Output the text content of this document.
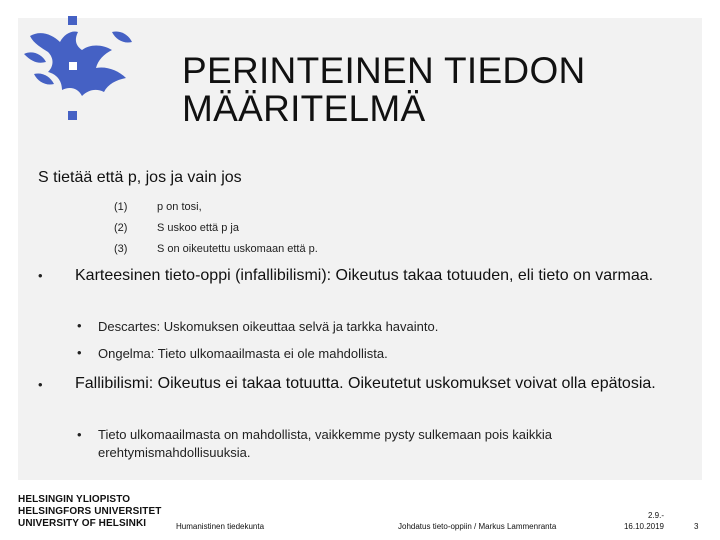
PERINTEINEN TIEDON
MÄÄRITELMÄ
S tietää että p, jos ja vain jos
(1)	p on tosi,
(2)	S uskoo että p ja
(3)	S on oikeutettu uskomaan että p.
• Karteesinen tieto-oppi (infallibilismi): Oikeutus takaa totuuden, eli tieto on varmaa.
• Descartes: Uskomuksen oikeuttaa selvä ja tarkka havainto.
• Ongelma: Tieto ulkomaailmasta ei ole mahdollista.
• Fallibilismi: Oikeutus ei takaa totuutta. Oikeutetut uskomukset voivat olla epätosia.
• Tieto ulkomaailmasta on mahdollista, vaikkemme pysty sulkemaan pois kaikkia erehtymismahdollisuuksia.
HELSINGIN YLIOPISTO
HELSINGFORS UNIVERSITET
UNIVERSITY OF HELSINKI	Humanistinen tiedekunta	Johdatus tieto-oppiin / Markus Lammenranta
2.9.-
16.10.2019	3
